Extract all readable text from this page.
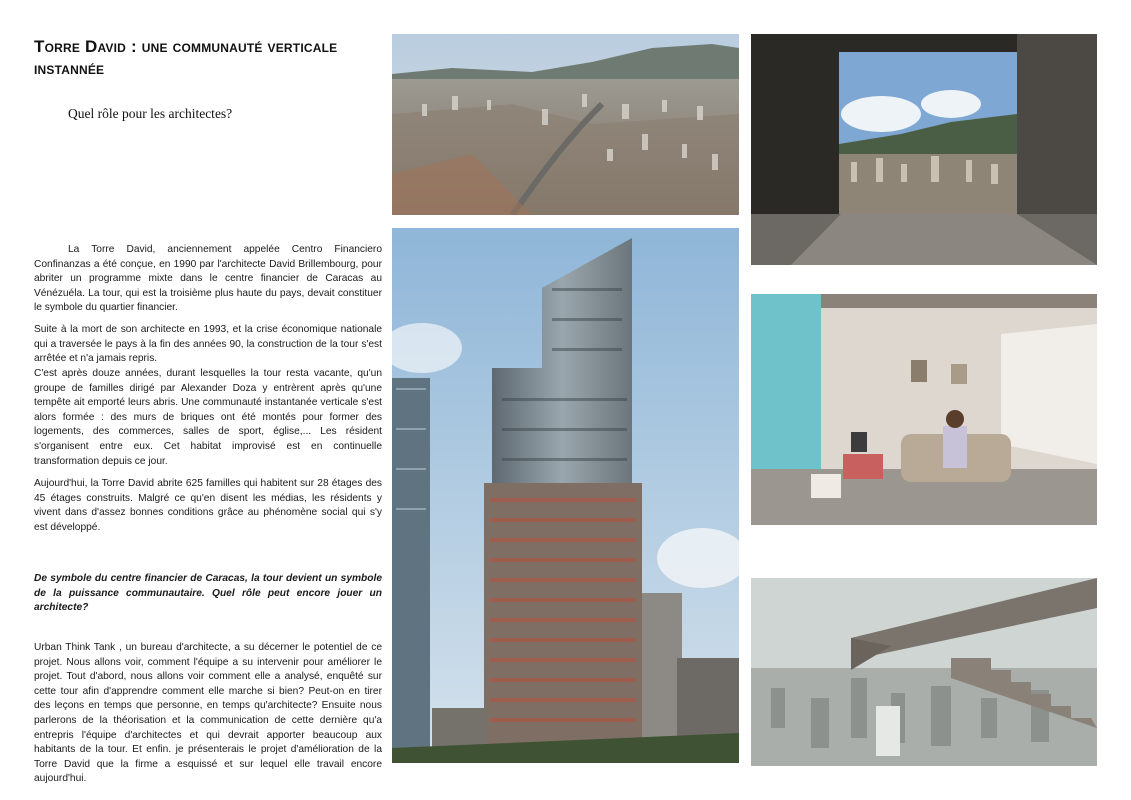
Torre David : une communauté verticale instannée
Quel rôle pour les architectes?

La Torre David, anciennement appelée Centro Financiero Confinanzas a été conçue, en 1990 par l'architecte David Brillembourg, pour abriter un programme mixte dans le centre financier de Caracas au Vénézuéla. La tour, qui est la troisième plus haute du pays, devait constituer le symbole du quartier financier.

Suite à la mort de son architecte en 1993, et la crise économique nationale qui a traversée le pays à la fin des années 90, la construction de la tour s'est arrêtée et n'a jamais repris.

C'est après douze années, durant lesquelles la tour resta vacante, qu'un groupe de familles dirigé par Alexander Doza y entrèrent après qu'une tempête ait emporté leurs abris. Une communauté instantanée verticale s'est alors formée : des murs de briques ont été montés pour former des logements, des commerces, salles de sport, église,... Les résident s'organisent entre eux. Cet habitat improvisé est en continuelle transformation depuis ce jour.

Aujourd'hui, la Torre David abrite 625 familles qui habitent sur 28 étages des 45 étages construits. Malgré ce qu'en disent les médias, les résidents y vivent dans d'assez bonnes conditions grâce au phénomène social qui s'y est développé.

De symbole du centre financier de Caracas, la tour devient un symbole de la puissance communautaire. Quel rôle peut encore jouer un architecte?

Urban Think Tank , un bureau d'architecte, a su décerner le potentiel de ce projet. Nous allons voir, comment l'équipe a su intervenir pour améliorer le projet. Tout d'abord, nous allons voir comment elle a analysé, enquêté sur cette tour afin d'apprendre comment elle marche si bien? Peut-on en tirer des leçons en temps que personne, en temps qu'architecte? Ensuite nous parlerons de la théorisation et la communication de cette dernière qu'a entrepris l'équipe d'architectes et qui devrait apporter beaucoup aux habitants de la tour. Et enfin. je présenterais le projet d'amélioration de la Torre David que la firme a esquissé et sur lequel elle travail encore aujourd'hui.
